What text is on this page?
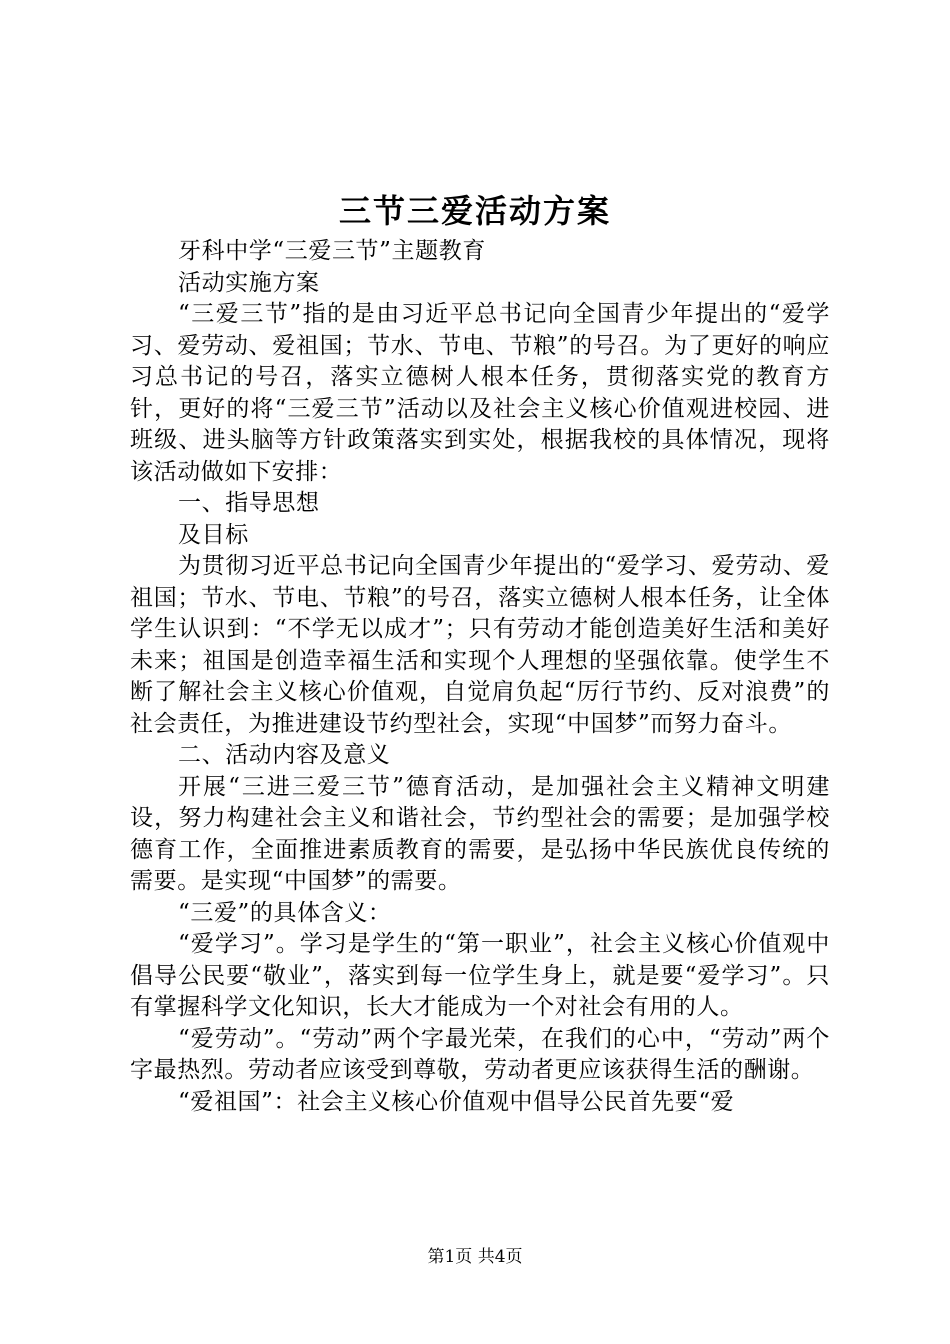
三节三爱活动方案

牙科中学“三爱三节”主题教育

活动实施方案

“三爱三节”指的是由习近平总书记向全国青少年提出的“爱学习、爱劳动、爱祖国；节水、节电、节粮”的号召。为了更好的响应习总书记的号召，落实立德树人根本任务，贯彻落实党的教育方针，更好的将“三爱三节”活动以及社会主义核心价值观进校园、进班级、进头脑等方针政策落实到实处，根据我校的具体情况，现将该活动做如下安排：

一、指导思想

及目标

为贯彻习近平总书记向全国青少年提出的“爱学习、爱劳动、爱祖国；节水、节电、节粮”的号召，落实立德树人根本任务，让全体学生认识到：“不学无以成才”；只有劳动才能创造美好生活和美好未来；祖国是创造幸福生活和实现个人理想的坚强依靠。使学生不断了解社会主义核心价值观，自觉肩负起“厉行节约、反对浪费”的社会责任，为推进建设节约型社会，实现“中国梦”而努力奋斗。

二、活动内容及意义

开展“三进三爱三节”德育活动，是加强社会主义精神文明建设，努力构建社会主义和谐社会，节约型社会的需要；是加强学校德育工作，全面推进素质教育的需要，是弘扬中华民族优良传统的需要。是实现“中国梦”的需要。

“三爱”的具体含义：

“爱学习”。学习是学生的“第一职业”，社会主义核心价值观中倡导公民要“敬业”，落实到每一位学生身上，就是要“爱学习”。只有掌握科学文化知识，长大才能成为一个对社会有用的人。

“爱劳动”。“劳动”两个字最光荣，在我们的心中，“劳动”两个字最热烈。劳动者应该受到尊敬，劳动者更应该获得生活的酬谢。

“爱祖国”：社会主义核心价值观中倡导公民首先要“爱

第1页 共4页
